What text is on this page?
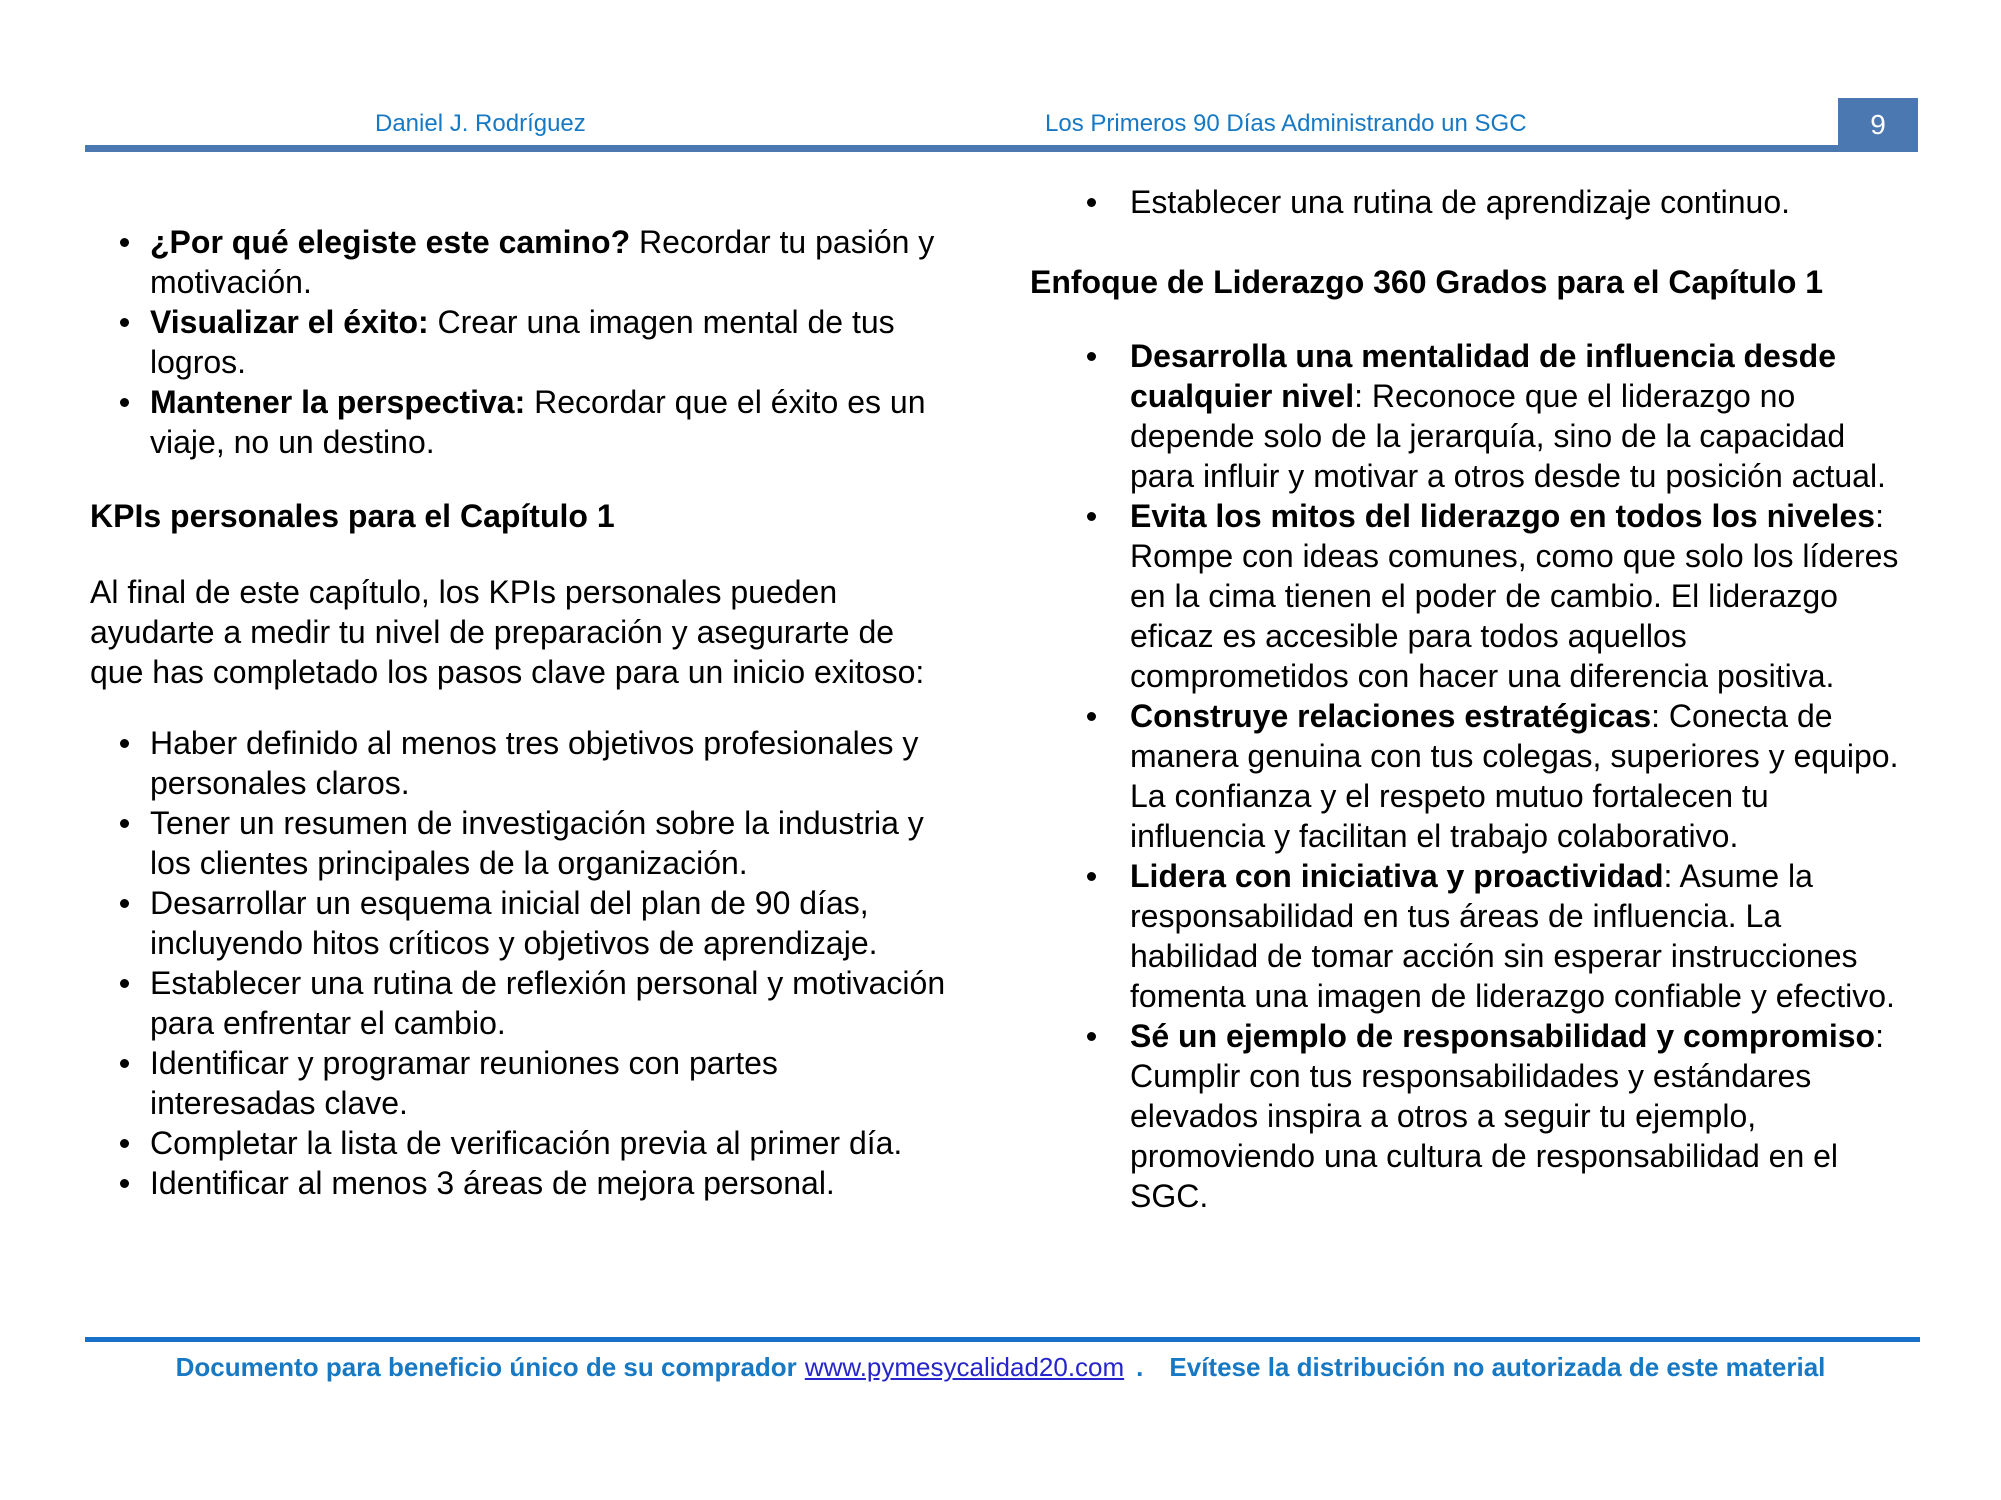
Daniel J. Rodríguez	Los Primeros 90 Días Administrando un SGC	9
¿Por qué elegiste este camino? Recordar tu pasión y motivación.
Visualizar el éxito: Crear una imagen mental de tus logros.
Mantener la perspectiva: Recordar que el éxito es un viaje, no un destino.
KPIs personales para el Capítulo 1

Al final de este capítulo, los KPIs personales pueden ayudarte a medir tu nivel de preparación y asegurarte de que has completado los pasos clave para un inicio exitoso:

Haber definido al menos tres objetivos profesionales y personales claros.
Tener un resumen de investigación sobre la industria y los clientes principales de la organización.
Desarrollar un esquema inicial del plan de 90 días, incluyendo hitos críticos y objetivos de aprendizaje.
Establecer una rutina de reflexión personal y motivación para enfrentar el cambio.
Identificar y programar reuniones con partes interesadas clave.
Completar la lista de verificación previa al primer día.
Identificar al menos 3 áreas de mejora personal.
Establecer una rutina de aprendizaje continuo.
Enfoque de Liderazgo 360 Grados para el Capítulo 1
Desarrolla una mentalidad de influencia desde cualquier nivel: Reconoce que el liderazgo no depende solo de la jerarquía, sino de la capacidad para influir y motivar a otros desde tu posición actual.
Evita los mitos del liderazgo en todos los niveles: Rompe con ideas comunes, como que solo los líderes en la cima tienen el poder de cambio. El liderazgo eficaz es accesible para todos aquellos comprometidos con hacer una diferencia positiva.
Construye relaciones estratégicas: Conecta de manera genuina con tus colegas, superiores y equipo. La confianza y el respeto mutuo fortalecen tu influencia y facilitan el trabajo colaborativo.
Lidera con iniciativa y proactividad: Asume la responsabilidad en tus áreas de influencia. La habilidad de tomar acción sin esperar instrucciones fomenta una imagen de liderazgo confiable y efectivo.
Sé un ejemplo de responsabilidad y compromiso: Cumplir con tus responsabilidades y estándares elevados inspira a otros a seguir tu ejemplo, promoviendo una cultura de responsabilidad en el SGC.
Documento para beneficio único de su comprador www.pymesycalidad20.com . Evítese la distribución no autorizada de este material
